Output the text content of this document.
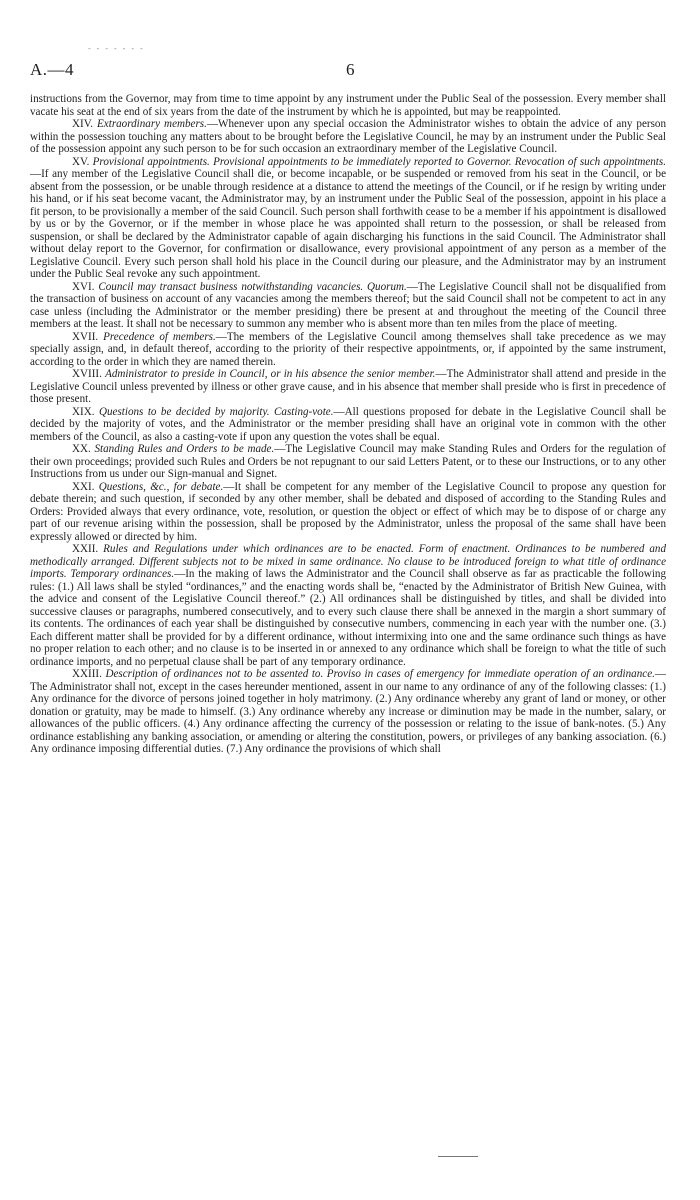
- - - - - - -
A.—4	6

instructions from the Governor, may from time to time appoint by any instrument under the Public Seal of the possession. Every member shall vacate his seat at the end of six years from the date of the instrument by which he is appointed, but may be reappointed.

XIV. Extraordinary members.—Whenever upon any special occasion the Administrator wishes to obtain the advice of any person within the possession touching any matters about to be brought before the Legislative Council, he may by an instrument under the Public Seal of the possession appoint any such person to be for such occasion an extraordinary member of the Legislative Council.

XV. Provisional appointments. Provisional appointments to be immediately reported to Governor. Revocation of such appointments.—If any member of the Legislative Council shall die, or become incapable, or be suspended or removed from his seat in the Council, or be absent from the possession, or be unable through residence at a distance to attend the meetings of the Council, or if he resign by writing under his hand, or if his seat become vacant, the Administrator may, by an instrument under the Public Seal of the possession, appoint in his place a fit person, to be provisionally a member of the said Council. Such person shall forthwith cease to be a member if his appointment is disallowed by us or by the Governor, or if the member in whose place he was appointed shall return to the possession, or shall be released from suspension, or shall be declared by the Administrator capable of again discharging his functions in the said Council. The Administrator shall without delay report to the Governor, for confirmation or disallowance, every provisional appointment of any person as a member of the Legislative Council. Every such person shall hold his place in the Council during our pleasure, and the Administrator may by an instrument under the Public Seal revoke any such appointment.

XVI. Council may transact business notwithstanding vacancies. Quorum.—The Legislative Council shall not be disqualified from the transaction of business on account of any vacancies among the members thereof; but the said Council shall not be competent to act in any case unless (including the Administrator or the member presiding) there be present at and throughout the meeting of the Council three members at the least. It shall not be necessary to summon any member who is absent more than ten miles from the place of meeting.

XVII. Precedence of members.—The members of the Legislative Council among themselves shall take precedence as we may specially assign, and, in default thereof, according to the priority of their respective appointments, or, if appointed by the same instrument, according to the order in which they are named therein.

XVIII. Administrator to preside in Council, or in his absence the senior member.—The Administrator shall attend and preside in the Legislative Council unless prevented by illness or other grave cause, and in his absence that member shall preside who is first in precedence of those present.

XIX. Questions to be decided by majority. Casting-vote.—All questions proposed for debate in the Legislative Council shall be decided by the majority of votes, and the Administrator or the member presiding shall have an original vote in common with the other members of the Council, as also a casting-vote if upon any question the votes shall be equal.

XX. Standing Rules and Orders to be made.—The Legislative Council may make Standing Rules and Orders for the regulation of their own proceedings; provided such Rules and Orders be not repugnant to our said Letters Patent, or to these our Instructions, or to any other Instructions from us under our Sign-manual and Signet.

XXI. Questions, &c., for debate.—It shall be competent for any member of the Legislative Council to propose any question for debate therein; and such question, if seconded by any other member, shall be debated and disposed of according to the Standing Rules and Orders: Provided always that every ordinance, vote, resolution, or question the object or effect of which may be to dispose of or charge any part of our revenue arising within the possession, shall be proposed by the Administrator, unless the proposal of the same shall have been expressly allowed or directed by him.

XXII. Rules and Regulations under which ordinances are to be enacted. Form of enactment. Ordinances to be numbered and methodically arranged. Different subjects not to be mixed in same ordinance. No clause to be introduced foreign to what title of ordinance imports. Temporary ordinances.—In the making of laws the Administrator and the Council shall observe as far as practicable the following rules: (1.) All laws shall be styled “ordinances,” and the enacting words shall be, “enacted by the Administrator of British New Guinea, with the advice and consent of the Legislative Council thereof.” (2.) All ordinances shall be distinguished by titles, and shall be divided into successive clauses or paragraphs, numbered consecutively, and to every such clause there shall be annexed in the margin a short summary of its contents. The ordinances of each year shall be distinguished by consecutive numbers, commencing in each year with the number one. (3.) Each different matter shall be provided for by a different ordinance, without intermixing into one and the same ordinance such things as have no proper relation to each other; and no clause is to be inserted in or annexed to any ordinance which shall be foreign to what the title of such ordinance imports, and no perpetual clause shall be part of any temporary ordinance.

XXIII. Description of ordinances not to be assented to. Proviso in cases of emergency for immediate operation of an ordinance.—The Administrator shall not, except in the cases hereunder mentioned, assent in our name to any ordinance of any of the following classes: (1.) Any ordinance for the divorce of persons joined together in holy matrimony. (2.) Any ordinance whereby any grant of land or money, or other donation or gratuity, may be made to himself. (3.) Any ordinance whereby any increase or diminution may be made in the number, salary, or allowances of the public officers. (4.) Any ordinance affecting the currency of the possession or relating to the issue of bank-notes. (5.) Any ordinance establishing any banking association, or amending or altering the constitution, powers, or privileges of any banking association. (6.) Any ordinance imposing differential duties. (7.) Any ordinance the provisions of which shall
